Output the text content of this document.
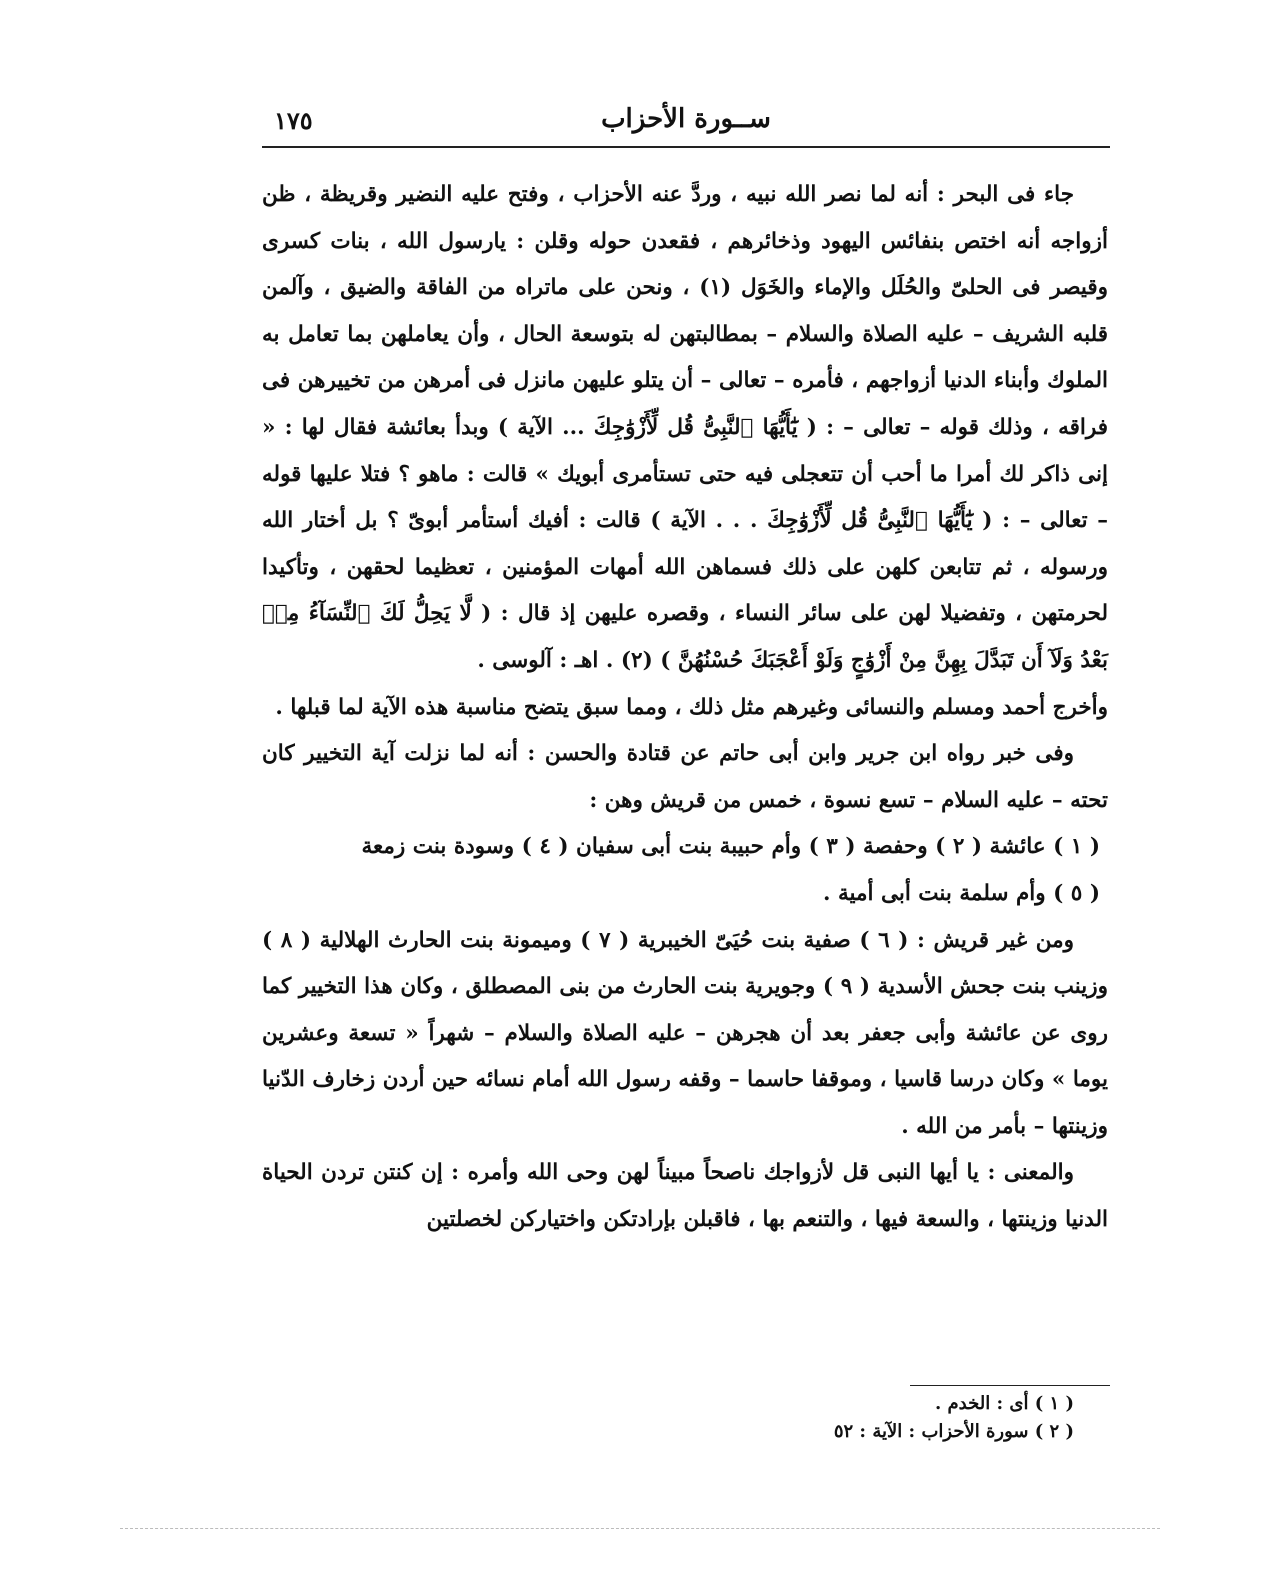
ســورة الأحزاب
١٧٥

جاء فى البحر : أنه لما نصر الله نبيه ، وردَّ عنه الأحزاب ، وفتح عليه النضير وقريظة ، ظن أزواجه أنه اختص بنفائس اليهود وذخائرهم ، فقعدن حوله وقلن : يارسول الله ، بنات كسرى وقيصر فى الحلىّ والحُلَل والإماء والخَوَل (١) ، ونحن على ماتراه من الفاقة والضيق ، وآلمن قلبه الشريف – عليه الصلاة والسلام – بمطالبتهن له بتوسعة الحال ، وأن يعاملهن بما تعامل به الملوك وأبناء الدنيا أزواجهم ، فأمره – تعالى – أن يتلو عليهن مانزل فى أمرهن من تخييرهن فى فراقه ، وذلك قوله – تعالى – : ( يَٰٓأَيُّهَا ٱلنَّبِىُّ قُل لِّأَزْوَٰجِكَ ... الآية ) وبدأ بعائشة فقال لها : « إنى ذاكر لك أمرا ما أحب أن تتعجلى فيه حتى تستأمرى أبويك » قالت : ماهو ؟ فتلا عليها قوله – تعالى – : ( يَٰٓأَيُّهَا ٱلنَّبِىُّ قُل لِّأَزْوَٰجِكَ . . . الآية ) قالت : أفيك أستأمر أبوىّ ؟ بل أختار الله ورسوله ، ثم تتابعن كلهن على ذلك فسماهن الله أمهات المؤمنين ، تعظيما لحقهن ، وتأكيدا لحرمتهن ، وتفضيلا لهن على سائر النساء ، وقصره عليهن إذ قال : ( لَّا يَحِلُّ لَكَ ٱلنِّسَآءُ مِنۢ بَعْدُ وَلَآ أَن تَبَدَّلَ بِهِنَّ مِنْ أَزْوَٰجٍ وَلَوْ أَعْجَبَكَ حُسْنُهُنَّ ) (٢) . اهـ : آلوسى .

وأخرج أحمد ومسلم والنسائى وغيرهم مثل ذلك ، ومما سبق يتضح مناسبة هذه الآية لما قبلها .

وفى خبر رواه ابن جرير وابن أبى حاتم عن قتادة والحسن : أنه لما نزلت آية التخيير كان تحته – عليه السلام – تسع نسوة ، خمس من قريش وهن :

( ١ ) عائشة ( ٢ ) وحفصة ( ٣ ) وأم حبيبة بنت أبى سفيان ( ٤ ) وسودة بنت زمعة

( ٥ ) وأم سلمة بنت أبى أمية .

ومن غير قريش : ( ٦ ) صفية بنت حُيَىّ الخيبرية ( ٧ ) وميمونة بنت الحارث الهلالية ( ٨ ) وزينب بنت جحش الأسدية ( ٩ ) وجويرية بنت الحارث من بنى المصطلق ، وكان هذا التخيير كما روى عن عائشة وأبى جعفر بعد أن هجرهن – عليه الصلاة والسلام – شهراً « تسعة وعشرين يوما » وكان درسا قاسيا ، وموقفا حاسما – وقفه رسول الله أمام نسائه حين أردن زخارف الدّنيا وزينتها – بأمر من الله .

والمعنى : يا أيها النبى قل لأزواجك ناصحاً مبيناً لهن وحى الله وأمره : إن كنتن تردن الحياة الدنيا وزينتها ، والسعة فيها ، والتنعم بها ، فاقبلن بإرادتكن واختياركن لخصلتين

( ١ ) أى : الخدم .

( ٢ ) سورة الأحزاب : الآية : ٥٢
